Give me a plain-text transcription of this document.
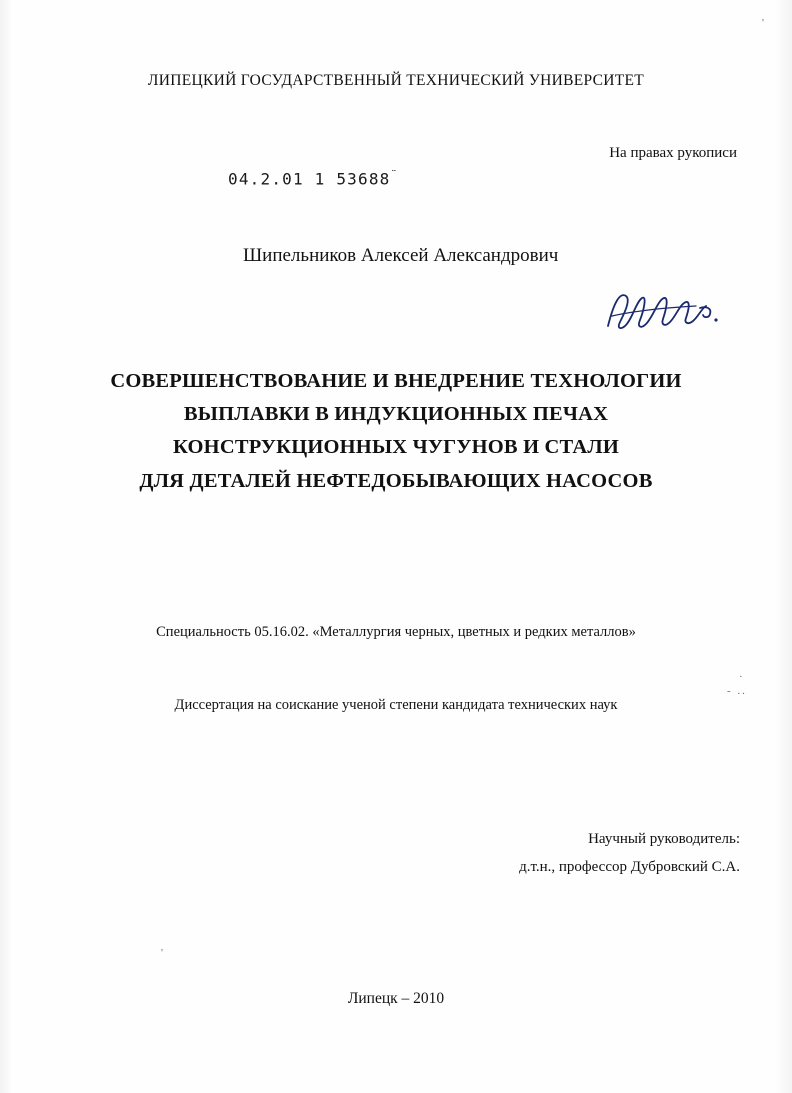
ЛИПЕЦКИЙ ГОСУДАРСТВЕННЫЙ ТЕХНИЧЕСКИЙ УНИВЕРСИТЕТ
На правах рукописи
04.2.01 1 53688¨
Шипельников Алексей Александрович
СОВЕРШЕНСТВОВАНИЕ И ВНЕДРЕНИЕ ТЕХНОЛОГИИ
ВЫПЛАВКИ В ИНДУКЦИОННЫХ ПЕЧАХ
КОНСТРУКЦИОННЫХ ЧУГУНОВ И СТАЛИ
ДЛЯ ДЕТАЛЕЙ НЕФТЕДОБЫВАЮЩИХ НАСОСОВ
Специальность 05.16.02. «Металлургия черных, цветных и редких металлов»
Диссертация на соискание ученой степени кандидата технических наук
Научный руководитель:
д.т.н., профессор Дубровский С.А.
Липецк – 2010
'
·
- ..
'
